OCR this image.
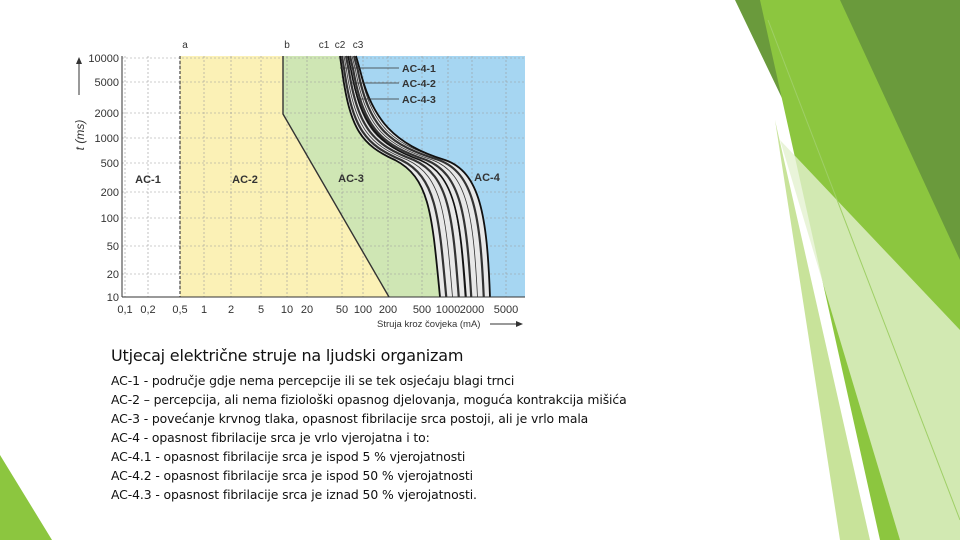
10000
5000
2000
1000
500
200
100
50
20
10
0,1 0,2 0,5 1 2 5 10 20 50 100 200 500 1000 2000 5000
t (ms)
Struja kroz čovjeka (mA)
a	b	c1 c2 c3
AC-1	AC-2	AC-3	AC-4
AC-4-1
AC-4-2
AC-4-3
Utjecaj električne struje na ljudski organizam
AC-1 - područje gdje nema percepcije ili se tek osjećaju blagi trnci
AC-2 – percepcija, ali nema fiziološki opasnog djelovanja, moguća kontrakcija mišića
AC-3 - povećanje krvnog tlaka, opasnost fibrilacije srca postoji, ali je vrlo mala
AC-4 - opasnost fibrilacije srca je vrlo vjerojatna i to:
AC-4.1 - opasnost fibrilacije srca je ispod 5 % vjerojatnosti
AC-4.2 - opasnost fibrilacije srca je ispod 50 % vjerojatnosti
AC-4.3 - opasnost fibrilacije srca je iznad 50 % vjerojatnosti.
